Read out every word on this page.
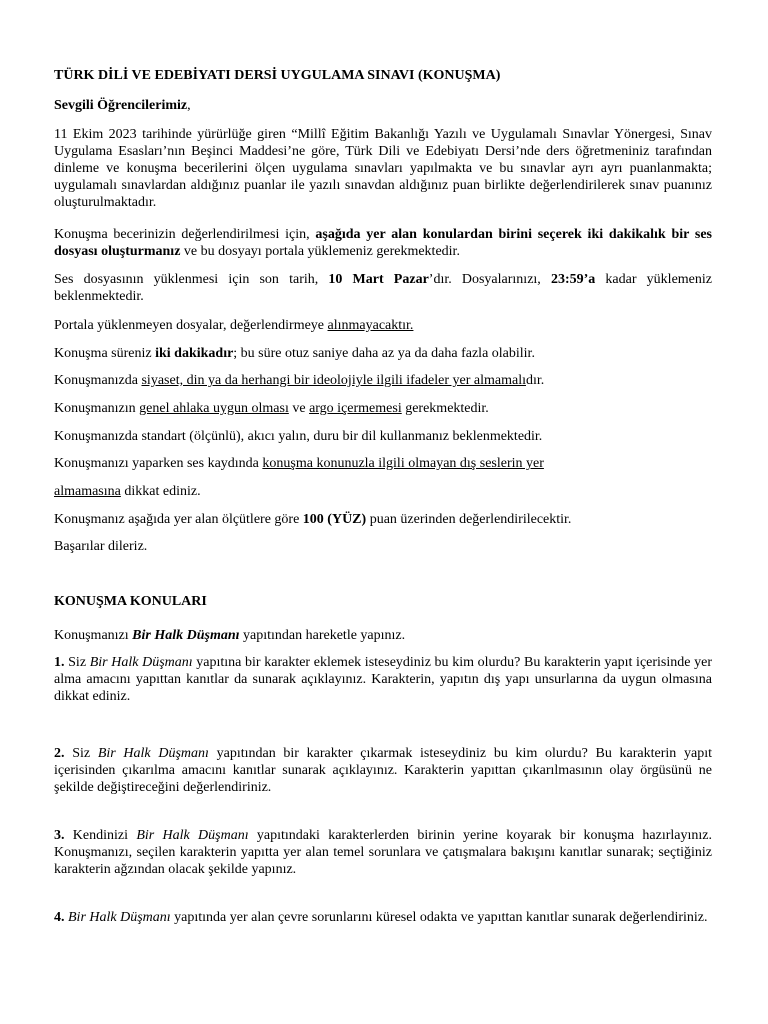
TÜRK DİLİ VE EDEBİYATI DERSİ UYGULAMA SINAVI (KONUŞMA)

Sevgili Öğrencilerimiz,

11 Ekim 2023 tarihinde yürürlüğe giren “Millî Eğitim Bakanlığı Yazılı ve Uygulamalı Sınavlar Yönergesi, Sınav Uygulama Esasları’nın Beşinci Maddesi’ne göre, Türk Dili ve Edebiyatı Dersi’nde ders öğretmeniniz tarafından dinleme ve konuşma becerilerini ölçen uygulama sınavları yapılmakta ve bu sınavlar ayrı ayrı puanlanmakta; uygulamalı sınavlardan aldığınız puanlar ile yazılı sınavdan aldığınız puan birlikte değerlendirilerek sınav puanınız oluşturulmaktadır.

Konuşma becerinizin değerlendirilmesi için, aşağıda yer alan konulardan birini seçerek iki dakikalık bir ses dosyası oluşturmanız ve bu dosyayı portala yüklemeniz gerekmektedir.

Ses dosyasının yüklenmesi için son tarih, 10 Mart Pazar’dır. Dosyalarınızı, 23:59’a kadar yüklemeniz beklenmektedir.

Portala yüklenmeyen dosyalar, değerlendirmeye alınmayacaktır.

Konuşma süreniz iki dakikadır; bu süre otuz saniye daha az ya da daha fazla olabilir.

Konuşmanızda siyaset, din ya da herhangi bir ideolojiyle ilgili ifadeler yer almamalıdır.

Konuşmanızın genel ahlaka uygun olması ve argo içermemesi gerekmektedir.

Konuşmanızda standart (ölçünlü), akıcı yalın, duru bir dil kullanmanız beklenmektedir.

Konuşmanızı yaparken ses kaydında konuşma konunuzla ilgili olmayan dış seslerin yer

almamasına dikkat ediniz.

Konuşmanız aşağıda yer alan ölçütlere göre 100 (YÜZ) puan üzerinden değerlendirilecektir.

Başarılar dileriz.

KONUŞMA KONULARI

Konuşmanızı Bir Halk Düşmanı yapıtından hareketle yapınız.

1. Siz Bir Halk Düşmanı yapıtına bir karakter eklemek isteseydiniz bu kim olurdu? Bu karakterin yapıt içerisinde yer alma amacını yapıttan kanıtlar da sunarak açıklayınız. Karakterin, yapıtın dış yapı unsurlarına da uygun olmasına dikkat ediniz.

2. Siz Bir Halk Düşmanı yapıtından bir karakter çıkarmak isteseydiniz bu kim olurdu? Bu karakterin yapıt içerisinden çıkarılma amacını kanıtlar sunarak açıklayınız. Karakterin yapıttan çıkarılmasının olay örgüsünü ne şekilde değiştireceğini değerlendiriniz.

3. Kendinizi Bir Halk Düşmanı yapıtındaki karakterlerden birinin yerine koyarak bir konuşma hazırlayınız. Konuşmanızı, seçilen karakterin yapıtta yer alan temel sorunlara ve çatışmalara bakışını kanıtlar sunarak; seçtiğiniz karakterin ağzından olacak şekilde yapınız.

4. Bir Halk Düşmanı yapıtında yer alan çevre sorunlarını küresel odakta ve yapıttan kanıtlar sunarak değerlendiriniz.
